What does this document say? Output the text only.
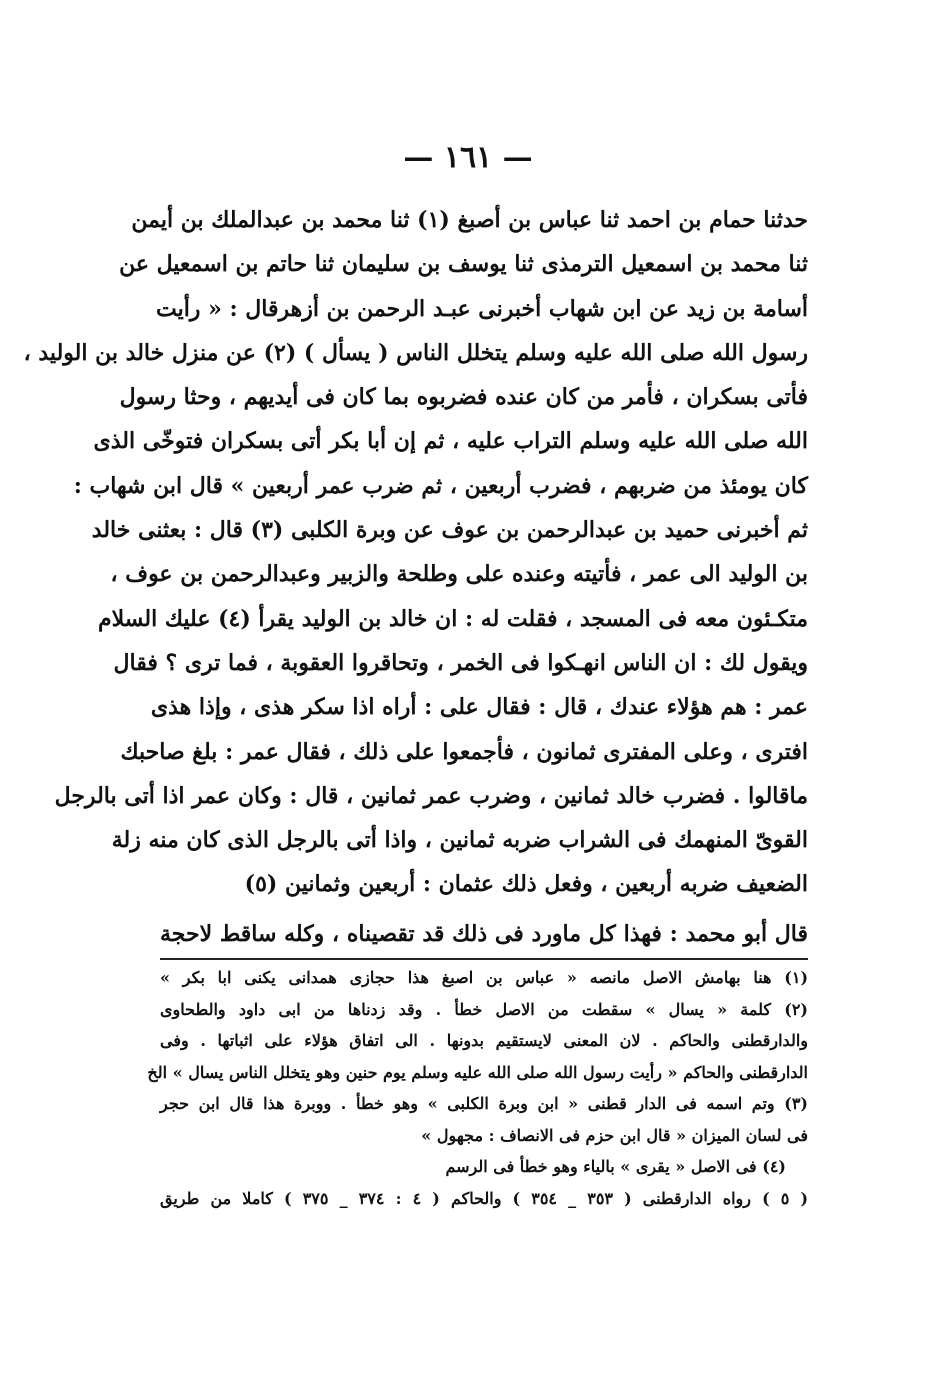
— ١٦١ —
حدثنا حمام بن احمد ثنا عباس بن أصبغ (١) ثنا محمد بن عبدالملك بن أيمن
ثنا محمد بن اسمعيل الترمذى ثنا يوسف بن سليمان ثنا حاتم بن اسمعيل عن
أسامة بن زيد عن ابن شهاب أخبرنى عبـد الرحمن بن أزهرقال : « رأيت
رسول الله صلى الله عليه وسلم يتخلل الناس ( يسأل ) (٢) عن منزل خالد بن الوليد ،
فأتى بسكران ، فأمر من كان عنده فضربوه بما كان فى أيديهم ، وحثا رسول
الله صلى الله عليه وسلم التراب عليه ، ثم إن أبا بكر أتى بسكران فتوخّى الذى
كان يومئذ من ضربهم ، فضرب أربعين ، ثم ضرب عمر أربعين » قال ابن شهاب :
ثم أخبرنى حميد بن عبدالرحمن بن عوف عن وبرة الكلبى (٣) قال : بعثنى خالد
بن الوليد الى عمر ، فأتيته وعنده على وطلحة والزبير وعبدالرحمن بن عوف ،
متكـئون معه فى المسجد ، فقلت له : ان خالد بن الوليد يقرأ (٤) عليك السلام
ويقول لك : ان الناس انهـكوا فى الخمر ، وتحاقروا العقوبة ، فما ترى ؟ فقال
عمر : هم هؤلاء عندك ، قال : فقال على : أراه اذا سكر هذى ، وإذا هذى
افترى ، وعلى المفترى ثمانون ، فأجمعوا على ذلك ، فقال عمر : بلغ صاحبك
ماقالوا . فضرب خالد ثمانين ، وضرب عمر ثمانين ، قال : وكان عمر اذا أتى بالرجل
القوىّ المنهمك فى الشراب ضربه ثمانين ، واذا أتى بالرجل الذى كان منه زلة
الضعيف ضربه أربعين ، وفعل ذلك عثمان : أربعين وثمانين (٥)
قال أبو محمد : فهذا كل ماورد فى ذلك قد تقصيناه ، وكله ساقط لاحجة
(١) هنا بهامش الاصل مانصه « عباس بن اصبغ هذا حجازى همدانى يكنى ابا بكر »
(٢) كلمة « يسال » سقطت من الاصل خطأ . وقد زدناها من ابى داود والطحاوى
والدارقطنى والحاكم . لان المعنى لايستقيم بدونها . الى اتفاق هؤلاء على اثباتها . وفى
الدارقطنى والحاكم « رأيت رسول الله صلى الله عليه وسلم يوم حنين وهو يتخلل الناس يسال » الخ
(٣) وتم اسمه فى الدار قطنى « ابن وبرة الكلبى » وهو خطأ . ووبرة هذا قال ابن حجر
فى لسان الميزان « قال ابن حزم فى الانصاف : مجهول »
(٤) فى الاصل « يقرى » بالياء وهو خطأ فى الرسم
( ٥ ) رواه الدارقطنى ( ٣٥٣ _ ٣٥٤ ) والحاكم ( ٤ : ٣٧٤ _ ٣٧٥ ) كاملا من طريق
